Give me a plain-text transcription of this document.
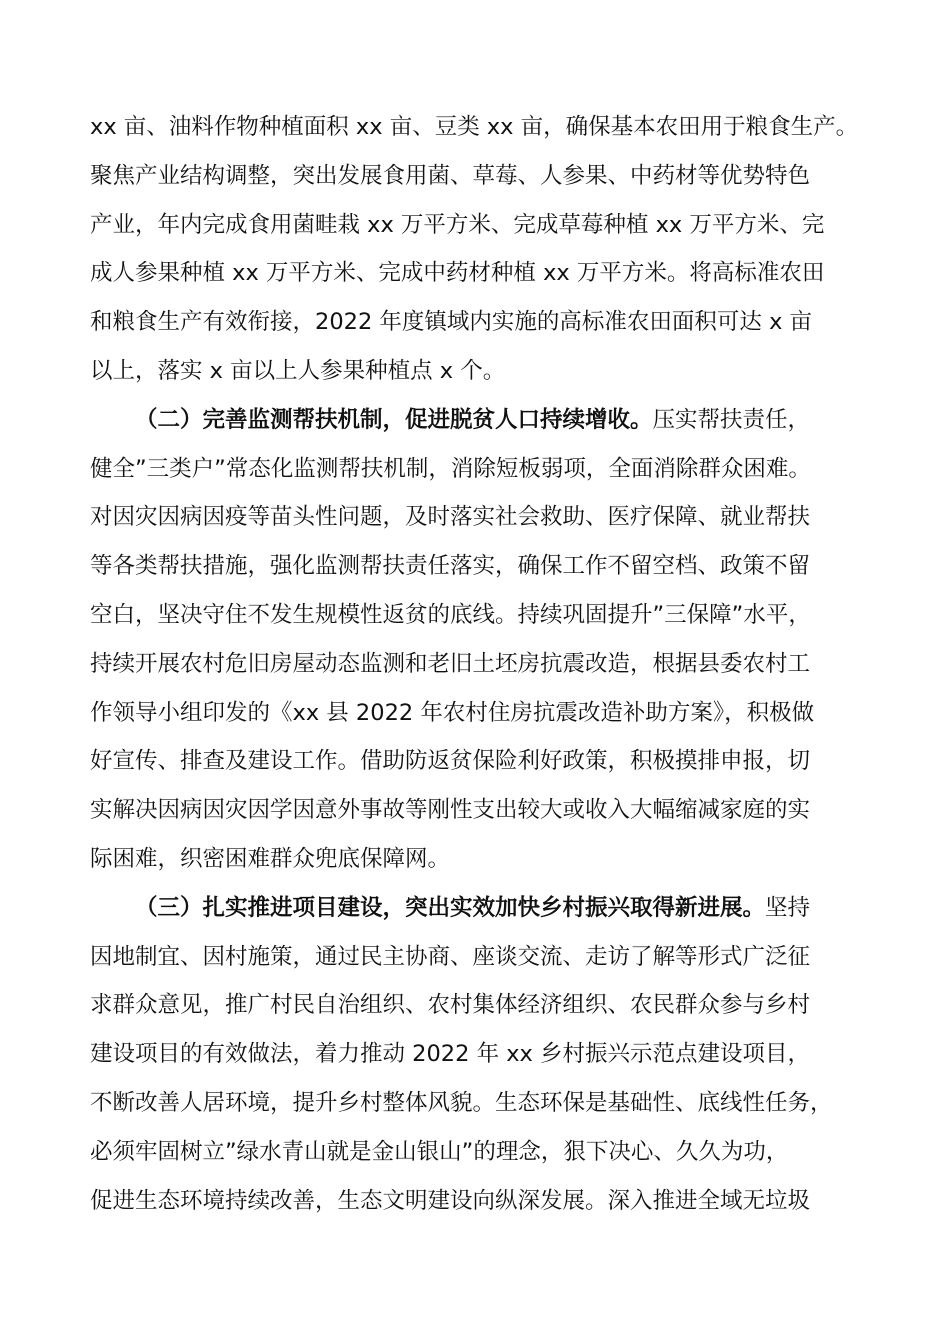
xx 亩、油料作物种植面积 xx 亩、豆类 xx 亩，确保基本农田用于粮食生产。
聚焦产业结构调整，突出发展食用菌、草莓、人参果、中药材等优势特色
产业，年内完成食用菌畦栽 xx 万平方米、完成草莓种植 xx 万平方米、完
成人参果种植 xx 万平方米、完成中药材种植 xx 万平方米。将高标准农田
和粮食生产有效衔接，2022 年度镇域内实施的高标准农田面积可达 x 亩
以上，落实 x 亩以上人参果种植点 x 个。
（二）完善监测帮扶机制，促进脱贫人口持续增收。压实帮扶责任，
健全”三类户”常态化监测帮扶机制，消除短板弱项，全面消除群众困难。
对因灾因病因疫等苗头性问题，及时落实社会救助、医疗保障、就业帮扶
等各类帮扶措施，强化监测帮扶责任落实，确保工作不留空档、政策不留
空白，坚决守住不发生规模性返贫的底线。持续巩固提升”三保障”水平，
持续开展农村危旧房屋动态监测和老旧土坯房抗震改造，根据县委农村工
作领导小组印发的《xx 县 2022 年农村住房抗震改造补助方案》，积极做
好宣传、排查及建设工作。借助防返贫保险利好政策，积极摸排申报，切
实解决因病因灾因学因意外事故等刚性支出较大或收入大幅缩减家庭的实
际困难，织密困难群众兜底保障网。
（三）扎实推进项目建设，突出实效加快乡村振兴取得新进展。坚持
因地制宜、因村施策，通过民主协商、座谈交流、走访了解等形式广泛征
求群众意见，推广村民自治组织、农村集体经济组织、农民群众参与乡村
建设项目的有效做法，着力推动 2022 年 xx 乡村振兴示范点建设项目，
不断改善人居环境，提升乡村整体风貌。生态环保是基础性、底线性任务，
必须牢固树立”绿水青山就是金山银山”的理念，狠下决心、久久为功，
促进生态环境持续改善，生态文明建设向纵深发展。深入推进全域无垃圾
